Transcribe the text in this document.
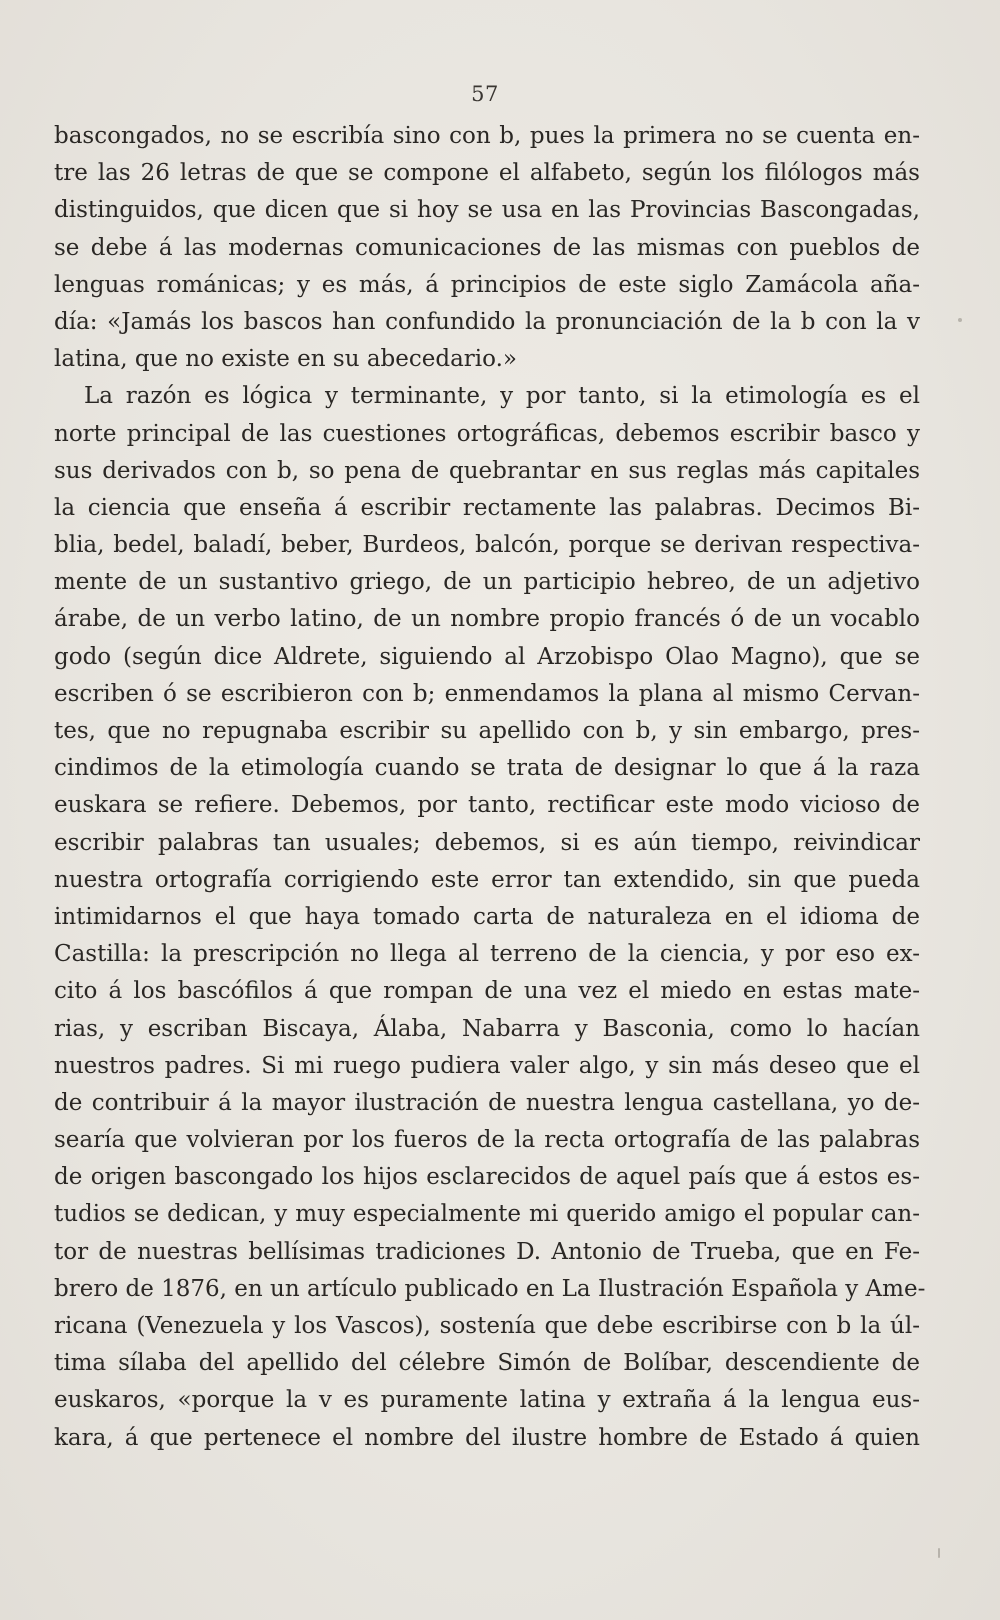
57
bascongados, no se escribía sino con b, pues la primera no se cuenta en-
tre las 26 letras de que se compone el alfabeto, según los filólogos más
distinguidos, que dicen que si hoy se usa en las Provincias Bascongadas,
se debe á las modernas comunicaciones de las mismas con pueblos de
lenguas románicas; y es más, á principios de este siglo Zamácola aña-
día: «Jamás los bascos han confundido la pronunciación de la b con la v
latina, que no existe en su abecedario.»
La razón es lógica y terminante, y por tanto, si la etimología es el
norte principal de las cuestiones ortográficas, debemos escribir basco y
sus derivados con b, so pena de quebrantar en sus reglas más capitales
la ciencia que enseña á escribir rectamente las palabras. Decimos Bi-
blia, bedel, baladí, beber, Burdeos, balcón, porque se derivan respectiva-
mente de un sustantivo griego, de un participio hebreo, de un adjetivo
árabe, de un verbo latino, de un nombre propio francés ó de un vocablo
godo (según dice Aldrete, siguiendo al Arzobispo Olao Magno), que se
escriben ó se escribieron con b; enmendamos la plana al mismo Cervan-
tes, que no repugnaba escribir su apellido con b, y sin embargo, pres-
cindimos de la etimología cuando se trata de designar lo que á la raza
euskara se refiere. Debemos, por tanto, rectificar este modo vicioso de
escribir palabras tan usuales; debemos, si es aún tiempo, reivindicar
nuestra ortografía corrigiendo este error tan extendido, sin que pueda
intimidarnos el que haya tomado carta de naturaleza en el idioma de
Castilla: la prescripción no llega al terreno de la ciencia, y por eso ex-
cito á los bascófilos á que rompan de una vez el miedo en estas mate-
rias, y escriban Biscaya, Álaba, Nabarra y Basconia, como lo hacían
nuestros padres. Si mi ruego pudiera valer algo, y sin más deseo que el
de contribuir á la mayor ilustración de nuestra lengua castellana, yo de-
searía que volvieran por los fueros de la recta ortografía de las palabras
de origen bascongado los hijos esclarecidos de aquel país que á estos es-
tudios se dedican, y muy especialmente mi querido amigo el popular can-
tor de nuestras bellísimas tradiciones D. Antonio de Trueba, que en Fe-
brero de 1876, en un artículo publicado en La Ilustración Española y Ame-
ricana (Venezuela y los Vascos), sostenía que debe escribirse con b la úl-
tima sílaba del apellido del célebre Simón de Bolíbar, descendiente de
euskaros, «porque la v es puramente latina y extraña á la lengua eus-
kara, á que pertenece el nombre del ilustre hombre de Estado á quien
